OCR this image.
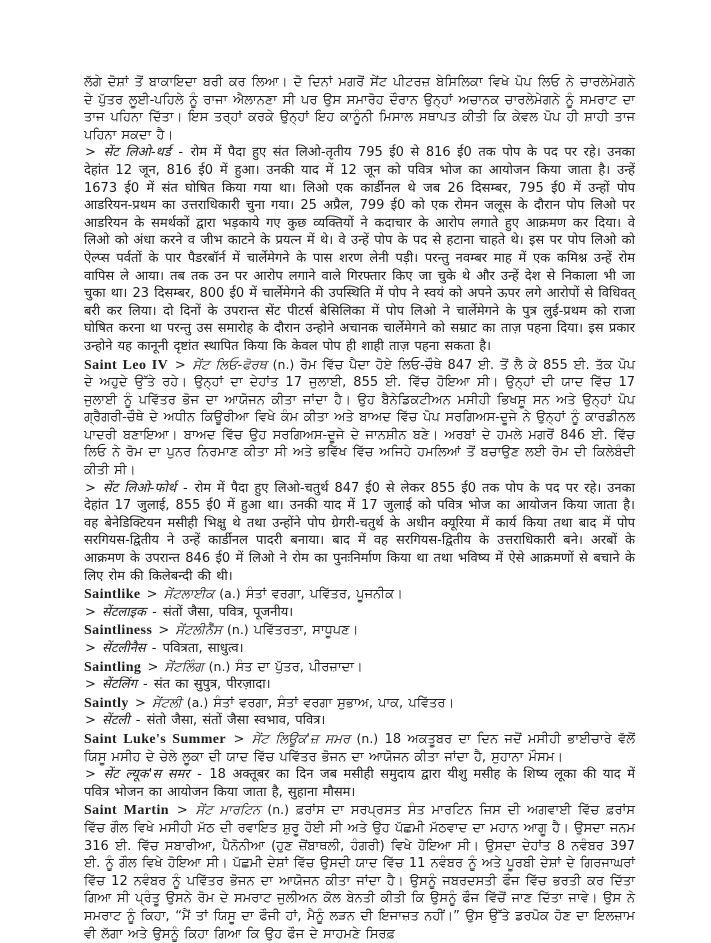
ਲੱਗੇ ਦੋਸ਼ਾਂ ਤੋਂ ਬਾਕਾਇਦਾ ਬਰੀ ਕਰ ਲਿਆ। ਦੋ ਦਿਨਾਂ ਮਗਰੋਂ ਸੇਂਟ ਪੀਟਰਜ਼ ਬੇਸਿਲਿਕਾ ਵਿਖੇ ਪੋਪ ਲਿਓ ਨੇ ਚਾਰਲੇਮੇਗਨੇ ਦੇ ਪੁੱਤਰ ਲੂਈ-ਪਹਿਲੇ ਨੂੰ ਰਾਜਾ ਐਲਾਨਣਾ ਸੀ ਪਰ ਉਸ ਸਮਾਰੋਹ ਦੌਰਾਨ ਉਨ੍ਹਾਂ ਅਚਾਨਕ ਚਾਰਲੇਮੇਗਨੇ ਨੂੰ ਸਮਰਾਟ ਦਾ ਤਾਜ ਪਹਿਨਾ ਦਿੱਤਾ। ਇਸ ਤਰ੍ਹਾਂ ਕਰਕੇ ਉਨ੍ਹਾਂ ਇਹ ਕਾਨੂੰਨੀ ਮਿਸਾਲ ਸਥਾਪਤ ਕੀਤੀ ਕਿ ਕੇਵਲ ਪੋਪ ਹੀ ਸ਼ਾਹੀ ਤਾਜ ਪਹਿਨਾ ਸਕਦਾ ਹੈ।

> सेंट लिओ-थर्ड - रोम में पैदा हुए संत लिओ-तृतीय 795 ई0 से 816 ई0 तक पोप के पद पर रहे। उनका देहांत 12 जून, 816 ई0 में हुआ। उनकी याद में 12 जून को पवित्र भोज का आयोजन किया जाता है। उन्हें 1673 ई0 में संत घोषित किया गया था। लिओ एक कार्डीनल थे जब 26 दिसम्बर, 795 ई0 में उन्हों पोप आडरियन-प्रथम का उत्तराधिकारी चुना गया। 25 अप्रैल, 799 ई0 को एक रोमन जलूस के दौरान पोप लिओ पर आडरियन के समर्थकों द्वारा भड़काये गए कुछ व्यक्तियों ने कदाचार के आरोप लगाते हुए आक्रमण कर दिया। वे लिओ को अंधा करने व जीभ काटने के प्रयत्न में थे। वे उन्हें पोप के पद से हटाना चाहते थे। इस पर पोप लिओ को ऐल्प्स पर्वतों के पार पैडरबॉर्न में चार्लेमेगने के पास शरण लेनी पड़ी। परन्तु नवम्बर माह में एक कमिश्न उन्हें रोम वापिस ले आया। तब तक उन पर आरोप लगाने वाले गिरफ्तार किए जा चुके थे और उन्हें देश से निकाला भी जा चुका था। 23 दिसम्बर, 800 ई0 में चार्लेमेगने की उपस्थिति में पोप ने स्वयं को अपने ऊपर लगे आरोपों से विधिवत् बरी कर लिया। दो दिनों के उपरान्त सेंट पीटर्स बेसिलिका में पोप लिओ ने चार्लेमेगने के पुत्र लुई-प्रथम को राजा घोषित करना था परन्तु उस समारोह के दौरान उन्होने अचानक चार्लेमेगने को सम्राट का ताज़ पहना दिया। इस प्रकार उन्होने यह कानूनी दृष्टांत स्थापित किया कि केवल पोप ही शाही ताज़ पहना सकता है।

Saint Leo IV > ਸੇਂਟ ਲਿਓ-ਫੋਰਥ (n.) ਰੋਮ ਵਿੱਚ ਪੈਦਾ ਹੋਏ ਲਿਓ-ਚੌਥੇ 847 ਈ. ਤੋਂ ਲੈ ਕੇ 855 ਈ. ਤੱਕ ਪੋਪ ਦੇ ਅਹੁਦੇ ਉੱਤੇ ਰਹੇ। ਉਨ੍ਹਾਂ ਦਾ ਦੇਹਾਂਤ 17 ਜੁਲਾਈ, 855 ਈ. ਵਿੱਚ ਹੋਇਆ ਸੀ। ਉਨ੍ਹਾਂ ਦੀ ਯਾਦ ਵਿੱਚ 17 ਜੁਲਾਈ ਨੂੰ ਪਵਿੱਤਰ ਭੋਜ ਦਾ ਆਯੋਜਨ ਕੀਤਾ ਜਾਂਦਾ ਹੈ। ਉਹ ਬੈਨੇਡਿਕਟੀਅਨ ਮਸੀਹੀ ਭਿਖਸ਼ੂ ਸਨ ਅਤੇ ਉਨ੍ਹਾਂ ਪੋਪ ਗ੍ਰੈਗਰੀ-ਚੌਥੇ ਦੇ ਅਧੀਨ ਕਿਊਰੀਆ ਵਿਖੇ ਕੰਮ ਕੀਤਾ ਅਤੇ ਬਾਅਦ ਵਿੱਚ ਪੋਪ ਸਰਗਿਅਸ-ਦੂਜੇ ਨੇ ਉਨ੍ਹਾਂ ਨੂੰ ਕਾਰਡੀਨਲ ਪਾਦਰੀ ਬਣਾਇਆ। ਬਾਅਦ ਵਿੱਚ ਉਹ ਸਰਗਿਅਸ-ਦੂਜੇ ਦੇ ਜਾਨਸ਼ੀਨ ਬਣੇ। ਅਰਬਾਂ ਦੇ ਹਮਲੇ ਮਗਰੋਂ 846 ਈ. ਵਿੱਚ ਲਿਓ ਨੇ ਰੋਮ ਦਾ ਪੁਨਰ ਨਿਰਮਾਣ ਕੀਤਾ ਸੀ ਅਤੇ ਭਵਿੱਖ ਵਿੱਚ ਅਜਿਹੇ ਹਮਲਿਆਂ ਤੋਂ ਬਚਾਉਣ ਲਈ ਰੋਮ ਦੀ ਕਿਲੇਬੰਦੀ ਕੀਤੀ ਸੀ।

> सेंट लिओ-फोर्थ - रोम में पैदा हुए लिओ-चतुर्थ 847 ई0 से लेकर 855 ई0 तक पोप के पद पर रहे। उनका देहांत 17 जुलाई, 855 ई0 में हुआ था। उनकी याद में 17 जुलाई को पवित्र भोज का आयोजन किया जाता है। वह बेनेडिक्टियन मसीही भिक्षु थे तथा उन्होंने पोप ग्रेगरी-चतुर्थ के अधीन क्यूरिया में कार्य किया तथा बाद में पोप सरगियस-द्वितीय ने उन्हें कार्डीनल पादरी बनाया। बाद में वह सरगियस-द्वितीय के उत्तराधिकारी बने। अरबों के आक्रमण के उपरान्त 846 ई0 में लिओ ने रोम का पुनःनिर्माण किया था तथा भविष्य में ऐसे आक्रमणों से बचाने के लिए रोम की किलेबन्दी की थी।

Saintlike > ਸੇਂਟਲਾਈਕ (a.) ਸੰਤਾਂ ਵਰਗਾ, ਪਵਿੱਤਰ, ਪੂਜਨੀਕ।

> सेंटलाइक - संतों जैसा, पवित्र, पूजनीय।

Saintliness > ਸੇਂਟਲੀਨੈੱਸ (n.) ਪਵਿੱਤਰਤਾ, ਸਾਧੂਪਣ।

> सेंटलीनैस - पवित्रता, साधुत्व।

Saintling > ਸੇਂਟਲਿੰਗ (n.) ਸੰਤ ਦਾ ਪੁੱਤਰ, ਪੀਰਜ਼ਾਦਾ।

> सेंटलिंग - संत का सुपुत्र, पीरज़ादा।

Saintly > ਸੇਂਟਲੀ (a.) ਸੰਤਾਂ ਵਰਗਾ, ਸੰਤਾਂ ਵਰਗਾ ਸੁਭਾਅ, ਪਾਕ, ਪਵਿੱਤਰ।

> सेंटली - संतो जैसा, संतों जैसा स्वभाव, पवित्र।

Saint Luke's Summer > ਸੇਂਟ ਲਿਊਕ'ਜ਼ ਸਮਰ (n.) 18 ਅਕਤੂਬਰ ਦਾ ਦਿਨ ਜਦੋਂ ਮਸੀਹੀ ਭਾਈਚਾਰੇ ਵੱਲੋਂ ਯਿਸੂ ਮਸੀਹ ਦੇ ਚੇਲੇ ਲੂਕਾ ਦੀ ਯਾਦ ਵਿੱਚ ਪਵਿੱਤਰ ਭੋਜਨ ਦਾ ਆਯੋਜਨ ਕੀਤਾ ਜਾਂਦਾ ਹੈ, ਸੁਹਾਨਾ ਮੌਸਮ।

> सेंट ल्यूक'स समर - 18 अक्तूबर का दिन जब मसीही समुदाय द्वारा यीशु मसीह के शिष्य लूका की याद में पवित्र भोजन का आयोजन किया जाता है, सुहाना मौसम।

Saint Martin > ਸੇਂਟ ਮਾਰਟਿਨ (n.) ਫ਼ਰਾਂਸ ਦਾ ਸਰਪ੍ਰਸਤ ਸੰਤ ਮਾਰਟਿਨ ਜਿਸ ਦੀ ਅਗਵਾਈ ਵਿੱਚ ਫ਼ਰਾਂਸ ਵਿੱਚ ਗੌਲ ਵਿਖੇ ਮਸੀਹੀ ਮੱਠ ਦੀ ਰਵਾਇਤ ਸ਼ੁਰੂ ਹੋਈ ਸੀ ਅਤੇ ਉਹ ਪੱਛਮੀ ਮੱਠਵਾਦ ਦਾ ਮਹਾਨ ਆਗੂ ਹੈ। ਉਸਦਾ ਜਨਮ 316 ਈ. ਵਿੱਚ ਸਬਾਰੀਆ, ਪੈਨੋਨੀਆ (ਹੁਣ ਜ਼ੋਂਬਾਥਲੀ, ਹੰਗਰੀ) ਵਿਖੇ ਹੋਇਆ ਸੀ। ਉਸਦਾ ਦੇਹਾਂਤ 8 ਨਵੰਬਰ 397 ਈ. ਨੂੰ ਗੌਲ ਵਿਖੇ ਹੋਇਆ ਸੀ। ਪੱਛਮੀ ਦੇਸ਼ਾਂ ਵਿੱਚ ਉਸਦੀ ਯਾਦ ਵਿੱਚ 11 ਨਵੰਬਰ ਨੂੰ ਅਤੇ ਪੂਰਬੀ ਦੇਸ਼ਾਂ ਦੇ ਗਿਰਜਾਘਰਾਂ ਵਿੱਚ 12 ਨਵੰਬਰ ਨੂੰ ਪਵਿੱਤਰ ਭੋਜਨ ਦਾ ਆਯੋਜਨ ਕੀਤਾ ਜਾਂਦਾ ਹੈ। ਉਸਨੂੰ ਜਬਰਦਸਤੀ ਫੌਜ ਵਿੱਚ ਭਰਤੀ ਕਰ ਦਿੱਤਾ ਗਿਆ ਸੀ ਪ੍ਰੰਤੂ ਉਸਨੇ ਰੋਮ ਦੇ ਸਮਰਾਟ ਜੁਲੀਅਨ ਕੋਲ ਬੇਨਤੀ ਕੀਤੀ ਕਿ ਉਸਨੂੰ ਫੌਜ ਵਿੱਚੋਂ ਜਾਣ ਦਿੱਤਾ ਜਾਵੇ। ਉਸ ਨੇ ਸਮਰਾਟ ਨੂੰ ਕਿਹਾ, “ਮੈਂ ਤਾਂ ਯਿਸੂ ਦਾ ਫੌਜੀ ਹਾਂ, ਮੈਨੂੰ ਲੜਨ ਦੀ ਇਜਾਜ਼ਤ ਨਹੀਂ।” ਉਸ ਉੱਤੇ ਡਰਪੋਕ ਹੋਣ ਦਾ ਇਲਜ਼ਾਮ ਵੀ ਲੱਗਾ ਅਤੇ ਉਸਨੂੰ ਕਿਹਾ ਗਿਆ ਕਿ ਉਹ ਫੌਜ ਦੇ ਸਾਹਮਣੇ ਸਿਰਫ਼
